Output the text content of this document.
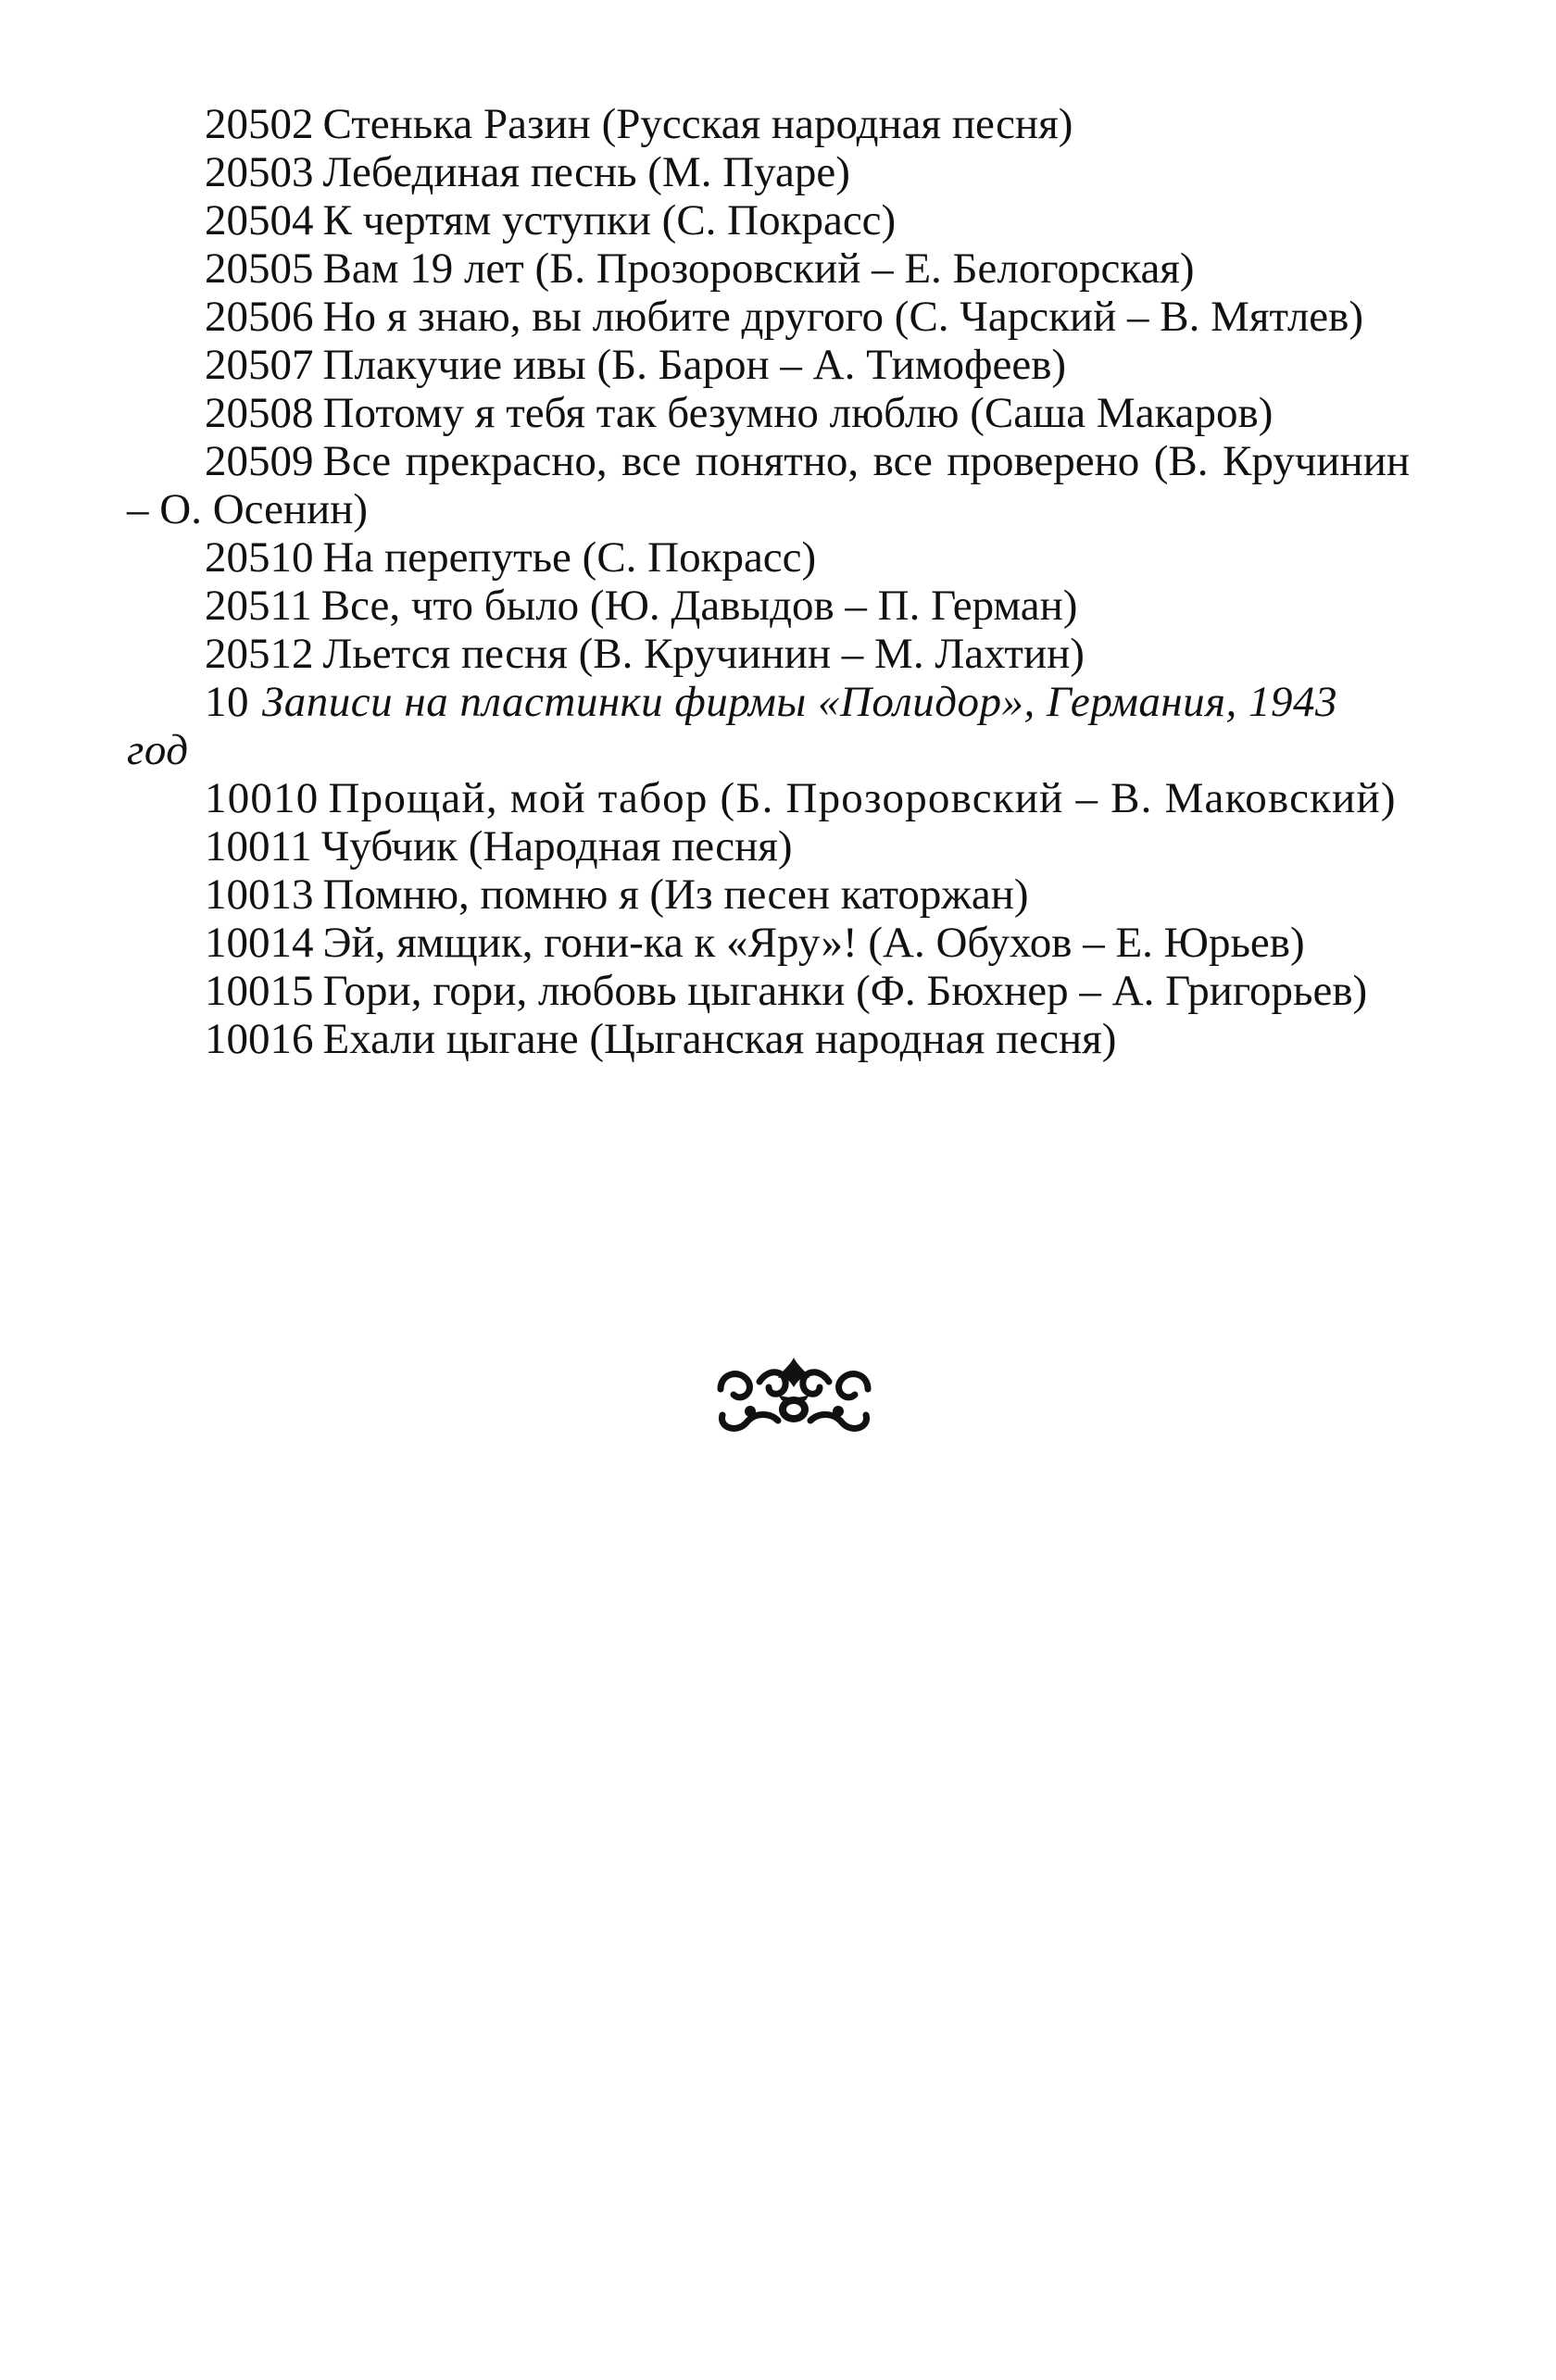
20502 Стенька Разин (Русская народная песня)

20503 Лебединая песнь (М. Пуаре)

20504 К чертям уступки (С. Покрасс)

20505 Вам 19 лет (Б. Прозоровский – Е. Белогорская)

20506 Но я знаю, вы любите другого (С. Чарский – В. Мятлев)

20507 Плакучие ивы (Б. Барон – А. Тимофеев)

20508 Потому я тебя так безумно люблю (Саша Макаров)

20509 Все прекрасно, все понятно, все проверено (В. Кручинин – О. Осенин)

20510 На перепутье (С. Покрасс)

20511 Все, что было (Ю. Давыдов – П. Герман)

20512 Льется песня (В. Кручинин – М. Лахтин)

10 Записи на пластинки фирмы «Полидор», Германия, 1943 год

10010 Прощай, мой табор (Б. Прозоровский – В. Маковский)

10011 Чубчик (Народная песня)

10013 Помню, помню я (Из песен каторжан)

10014 Эй, ямщик, гони-ка к «Яру»! (А. Обухов – Е. Юрьев)

10015 Гори, гори, любовь цыганки (Ф. Бюхнер – А. Григорьев)

10016 Ехали цыгане (Цыганская народная песня)
